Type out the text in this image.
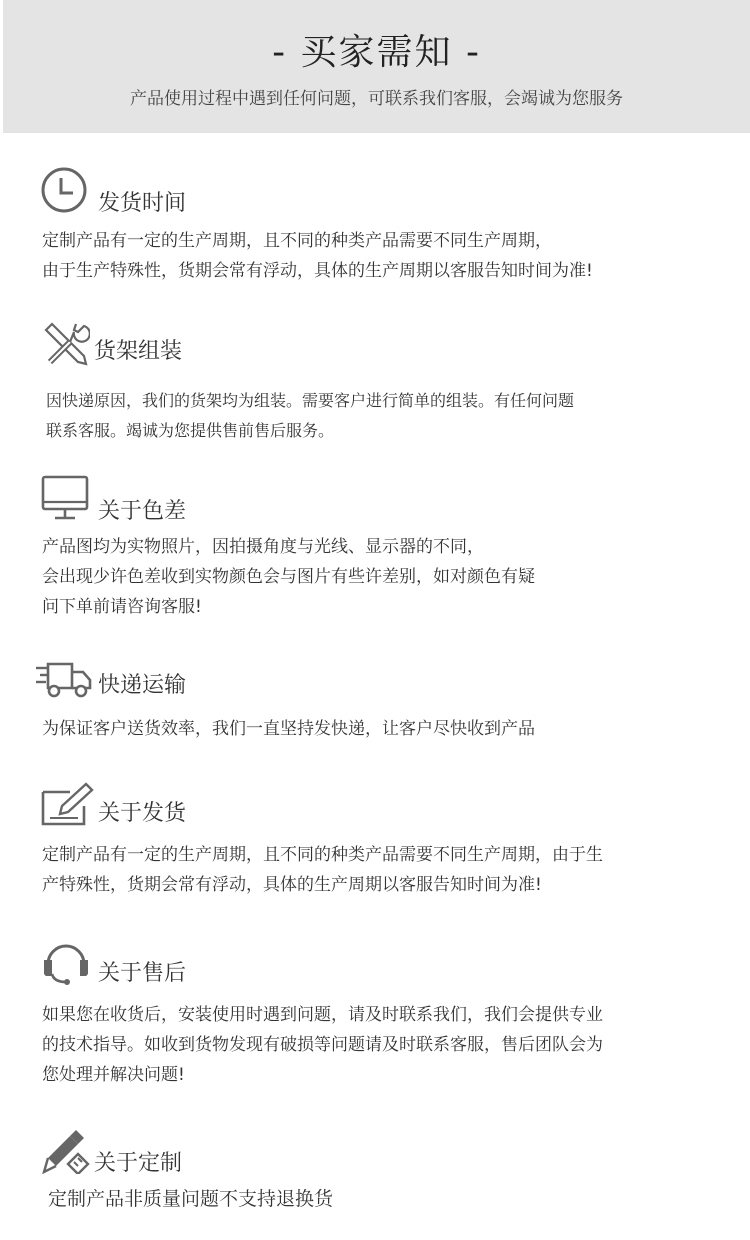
- 买家需知 -
产品使用过程中遇到任何问题，可联系我们客服，会竭诚为您服务
发货时间
定制产品有一定的生产周期，且不同的种类产品需要不同生产周期，
由于生产特殊性，货期会常有浮动，具体的生产周期以客服告知时间为准!
货架组装
因快递原因，我们的货架均为组装。需要客户进行简单的组装。有任何问题
联系客服。竭诚为您提供售前售后服务。
关于色差
产品图均为实物照片，因拍摄角度与光线、显示器的不同，
会出现少许色差收到实物颜色会与图片有些许差别，如对颜色有疑
问下单前请咨询客服!
快递运输
为保证客户送货效率，我们一直坚持发快递，让客户尽快收到产品
关于发货
定制产品有一定的生产周期，且不同的种类产品需要不同生产周期，由于生
产特殊性，货期会常有浮动，具体的生产周期以客服告知时间为准!
关于售后
如果您在收货后，安装使用时遇到问题，请及时联系我们，我们会提供专业
的技术指导。如收到货物发现有破损等问题请及时联系客服，售后团队会为
您处理并解决问题!
关于定制
定制产品非质量问题不支持退换货
